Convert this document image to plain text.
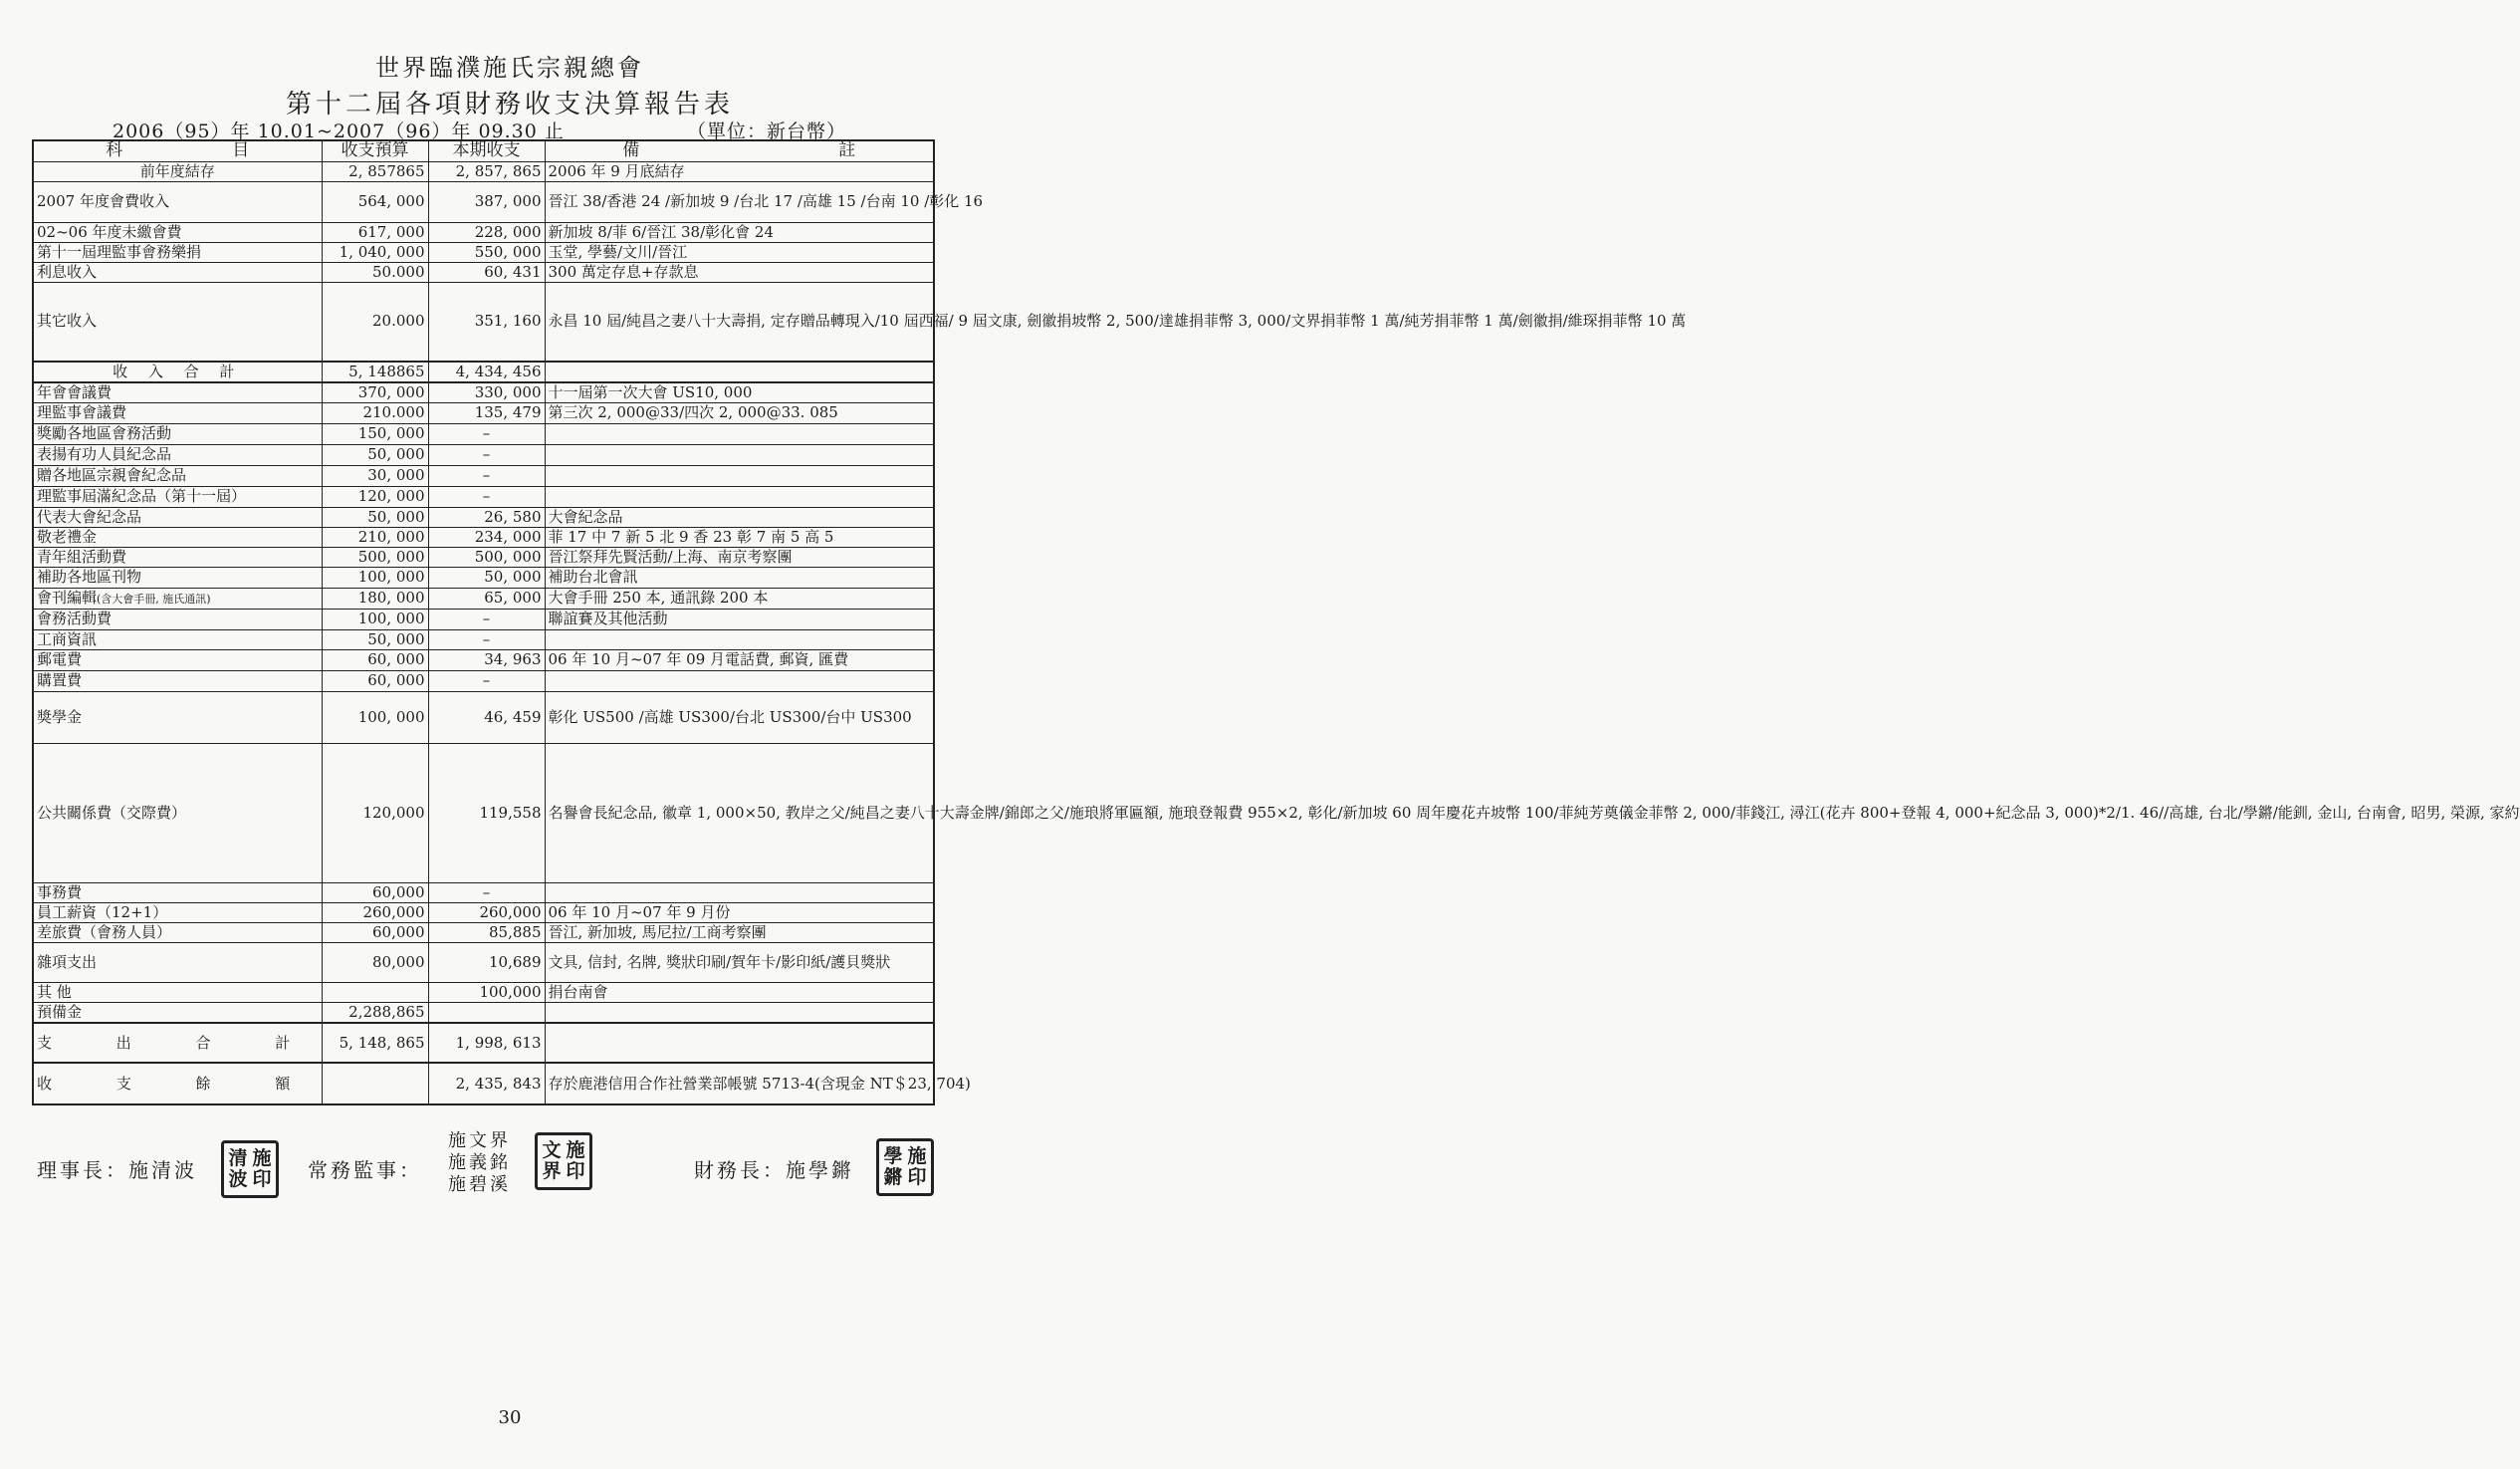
世界臨濮施氏宗親總會
第十二屆各項財務收支決算報告表
2006（95）年 10.01~2007（96）年 09.30 止	（單位：新台幣）
科 目	收支預算	本期收支	備 註
前年度結存	2, 857865	2, 857, 865	2006 年 9 月底結存
2007 年度會費收入	564, 000	387, 000	晉江 38/香港 24 /新加坡 9 /台北 17 /高雄 15 /台南 10 /彰化 16
02~06 年度未繳會費	617, 000	228, 000	新加坡 8/菲 6/晉江 38/彰化會 24
第十一屆理監事會務樂捐	1, 040, 000	550, 000	玉堂, 學藝/文川/晉江
利息收入	50.000	60, 431	300 萬定存息+存款息
其它收入	20.000	351, 160	永昌 10 屆/純昌之妻八十大壽捐, 定存贈品轉現入/10 屆西福/ 9 屆文康, 劍徽捐坡幣 2, 500/達雄捐菲幣 3, 000/文界捐菲幣 1 萬/純芳捐菲幣 1 萬/劍徽捐/維琛捐菲幣 10 萬
收 入 合 計	5, 148865	4, 434, 456	
年會會議費	370, 000	330, 000	十一屆第一次大會 US10, 000
理監事會議費	210.000	135, 479	第三次 2, 000@33/四次 2, 000@33. 085
獎勵各地區會務活動	150, 000	–	
表揚有功人員紀念品	50, 000	–	
贈各地區宗親會紀念品	30, 000	–	
理監事屆滿紀念品（第十一屆）	120, 000	–	
代表大會紀念品	50, 000	26, 580	大會紀念品
敬老禮金	210, 000	234, 000	菲 17 中 7 新 5 北 9 香 23 彰 7 南 5 高 5
青年組活動費	500, 000	500, 000	晉江祭拜先賢活動/上海、南京考察團
補助各地區刊物	100, 000	50, 000	補助台北會訊
會刊編輯(含大會手冊, 施氏通訊)	180, 000	65, 000	大會手冊 250 本, 通訊錄 200 本
會務活動費	100, 000	–	聯誼賽及其他活動
工商資訊	50, 000	–	
郵電費	60, 000	34, 963	06 年 10 月~07 年 09 月電話費, 郵資, 匯費
購置費	60, 000	–	
獎學金	100, 000	46, 459	彰化 US500 /高雄 US300/台北 US300/台中 US300
公共關係費（交際費）	120,000	119,558	名譽會長紀念品, 徽章 1, 000×50, 教岸之父/純昌之妻八十大壽金牌/錦郎之父/施琅將軍匾額, 施琅登報費 955×2, 彰化/新加坡 60 周年慶花卉坡幣 100/菲純芳奠儀金菲幣 2, 000/菲錢江, 潯江(花卉 800+登報 4, 000+紀念品 3, 000)*2/1. 46//高雄, 台北/學鏘/能釧, 金山, 台南會, 昭男, 榮源, 家約
事務費	60,000	–	
員工薪資（12+1）	260,000	260,000	06 年 10 月~07 年 9 月份
差旅費（會務人員）	60,000	85,885	晉江, 新加坡, 馬尼拉/工商考察團
雜項支出	80,000	10,689	文具, 信封, 名牌, 獎狀印刷/賀年卡/影印紙/護貝獎狀
其 他		100,000	捐台南會
預備金	2,288,865		
支 出 合 計	5, 148, 865	1, 998, 613	
收 支 餘 額		2, 435, 843	存於鹿港信用合作社營業部帳號 5713-4(含現金 NT＄23, 704)
理事長：施清波 清 施
波 印 常務監事：
施文界
施義銘
施碧溪
文 施
界 印	財務長：施學鏘
學 施
鏘 印
30
